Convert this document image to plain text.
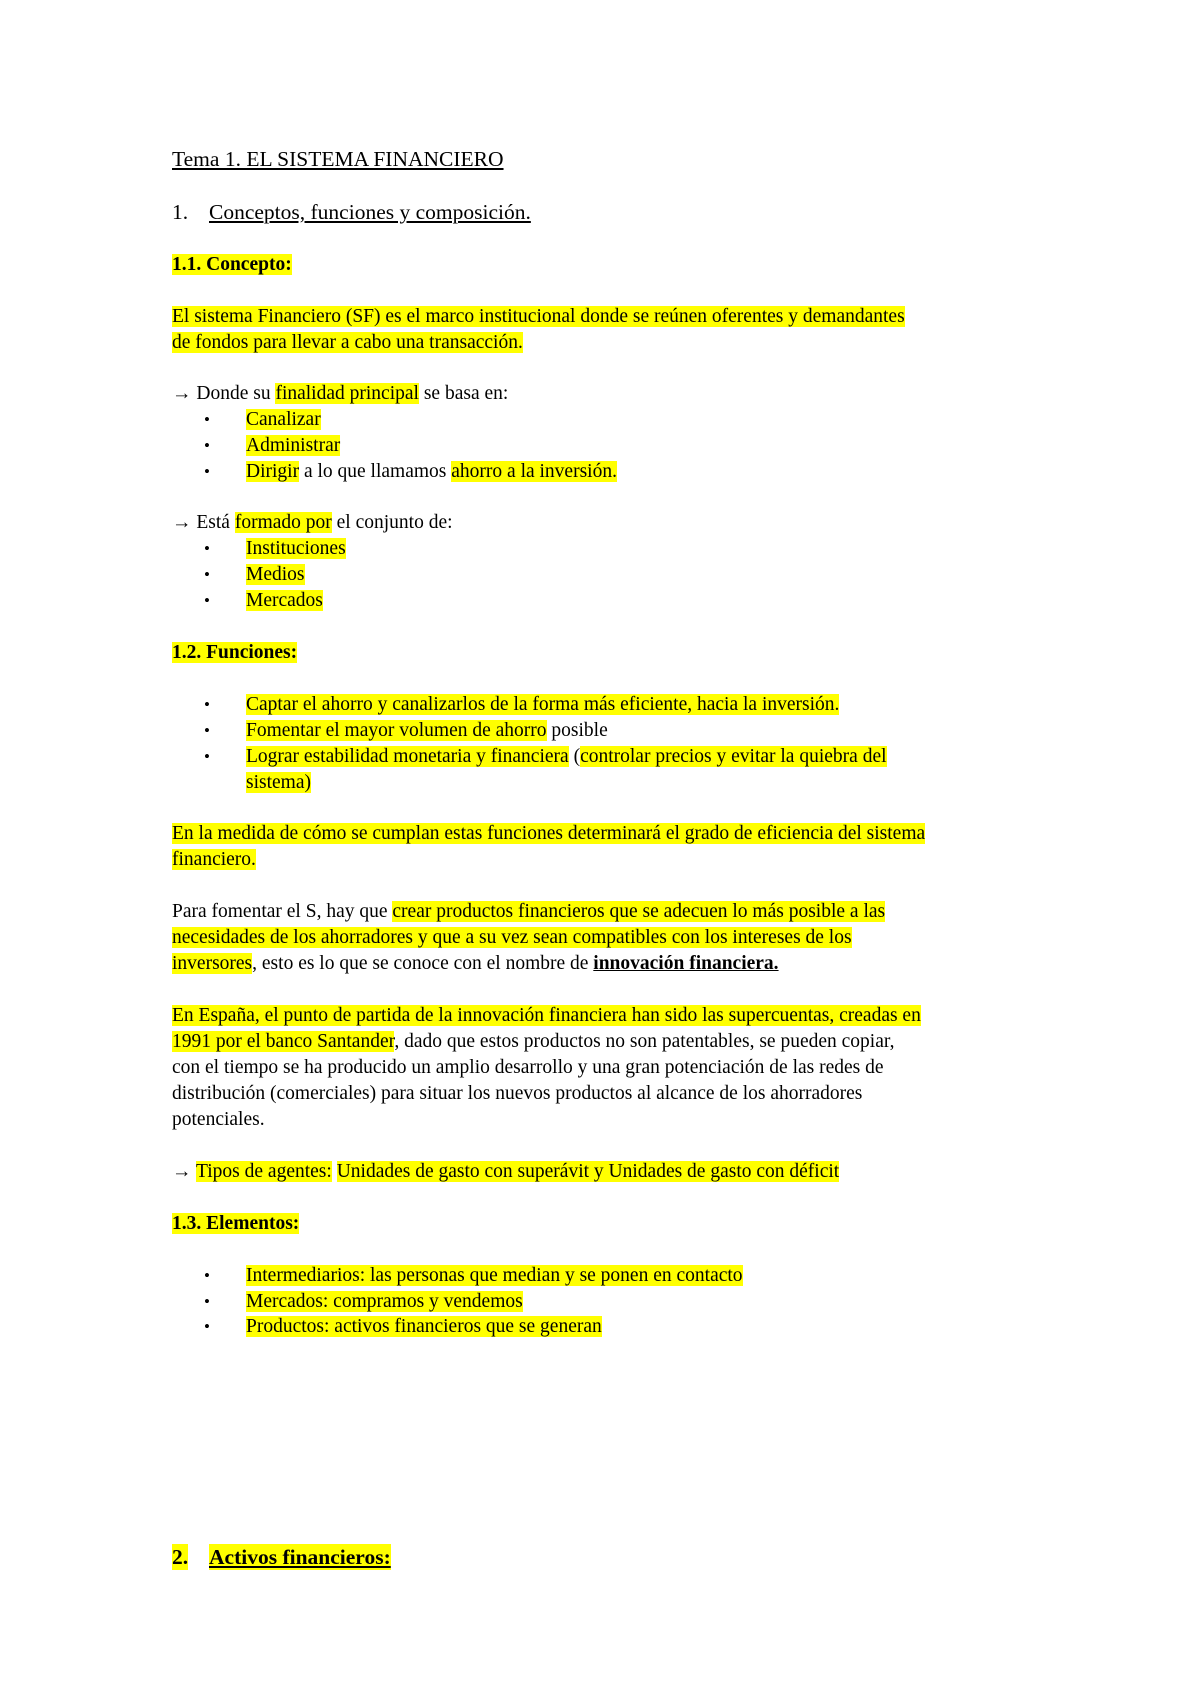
Tema 1. EL SISTEMA FINANCIERO
1. Conceptos, funciones y composición.
1.1. Concepto:
El sistema Financiero (SF) es el marco institucional donde se reúnen oferentes y demandantes
de fondos para llevar a cabo una transacción.
→ Donde su finalidad principal se basa en:
• Canalizar
• Administrar
• Dirigir a lo que llamamos ahorro a la inversión.
→ Está formado por el conjunto de:
• Instituciones
• Medios
• Mercados
1.2. Funciones:
• Captar el ahorro y canalizarlos de la forma más eficiente, hacia la inversión.
• Fomentar el mayor volumen de ahorro posible
• Lograr estabilidad monetaria y financiera (controlar precios y evitar la quiebra del
sistema)
En la medida de cómo se cumplan estas funciones determinará el grado de eficiencia del sistema
financiero.
Para fomentar el S, hay que crear productos financieros que se adecuen lo más posible a las
necesidades de los ahorradores y que a su vez sean compatibles con los intereses de los
inversores, esto es lo que se conoce con el nombre de innovación financiera.
En España, el punto de partida de la innovación financiera han sido las supercuentas, creadas en
1991 por el banco Santander, dado que estos productos no son patentables, se pueden copiar,
con el tiempo se ha producido un amplio desarrollo y una gran potenciación de las redes de
distribución (comerciales) para situar los nuevos productos al alcance de los ahorradores
potenciales.
→ Tipos de agentes: Unidades de gasto con superávit y Unidades de gasto con déficit
1.3. Elementos:
• Intermediarios: las personas que median y se ponen en contacto
• Mercados: compramos y vendemos
• Productos: activos financieros que se generan
2. Activos financieros:
